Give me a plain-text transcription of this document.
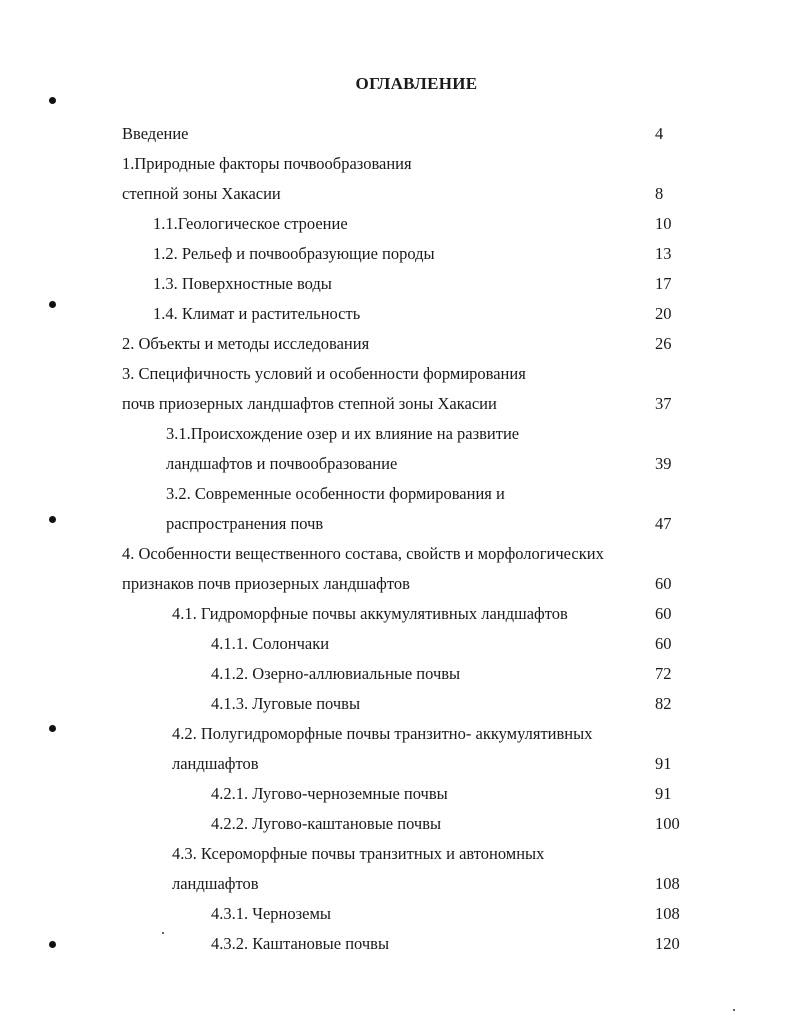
ОГЛАВЛЕНИЕ
Введение	4
1.Природные факторы почвообразования
степной зоны Хакасии	8
1.1.Геологическое строение	10
1.2. Рельеф и почвообразующие породы	13
1.3. Поверхностные воды	17
1.4. Климат и растительность	20
2. Объекты и методы исследования	26
3. Специфичность условий и особенности формирования
почв приозерных ландшафтов степной зоны Хакасии	37
3.1.Происхождение озер и их влияние на развитие
ландшафтов и почвообразование	39
3.2. Современные особенности формирования и
распространения почв	47
4. Особенности вещественного состава, свойств и морфологических
признаков почв приозерных ландшафтов	60
4.1. Гидроморфные почвы аккумулятивных ландшафтов	60
4.1.1. Солончаки	60
4.1.2. Озерно-аллювиальные почвы	72
4.1.3. Луговые почвы	82
4.2. Полугидроморфные почвы транзитно- аккумулятивных
ландшафтов	91
4.2.1. Лугово-черноземные почвы	91
4.2.2. Лугово-каштановые почвы	100
4.3. Ксероморфные почвы транзитных и автономных
ландшафтов	108
4.3.1. Черноземы	108
4.3.2. Каштановые почвы	120
